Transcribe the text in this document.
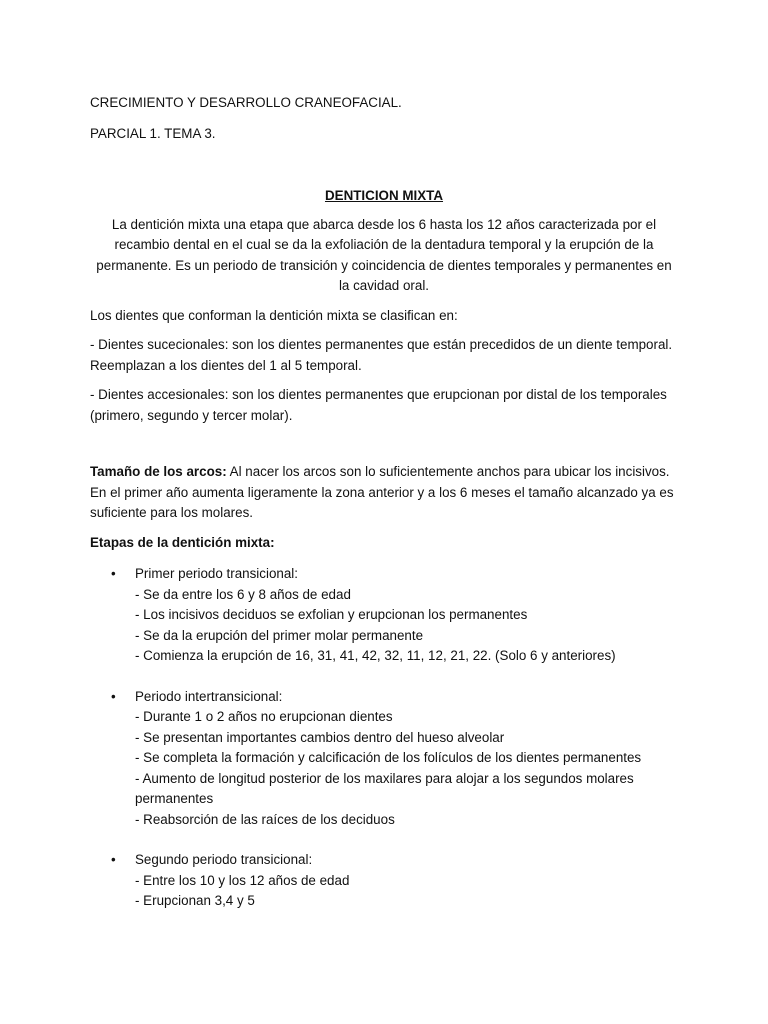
CRECIMIENTO Y DESARROLLO CRANEOFACIAL.

PARCIAL 1. TEMA 3.

DENTICION MIXTA

La dentición mixta una etapa que abarca desde los 6 hasta los 12 años caracterizada por el recambio dental en el cual se da la exfoliación de la dentadura temporal y la erupción de la permanente. Es un periodo de transición y coincidencia de dientes temporales y permanentes en la cavidad oral.

Los dientes que conforman la dentición mixta se clasifican en:

- Dientes sucecionales: son los dientes permanentes que están precedidos de un diente temporal. Reemplazan a los dientes del 1 al 5 temporal.

- Dientes accesionales: son los dientes permanentes que erupcionan por distal de los temporales (primero, segundo y tercer molar).

Tamaño de los arcos: Al nacer los arcos son lo suficientemente anchos para ubicar los incisivos. En el primer año aumenta ligeramente la zona anterior y a los 6 meses el tamaño alcanzado ya es suficiente para los molares.

Etapas de la dentición mixta:

• Primer periodo transicional:

- Se da entre los 6 y 8 años de edad
- Los incisivos deciduos se exfolian y erupcionan los permanentes
- Se da la erupción del primer molar permanente
- Comienza la erupción de 16, 31, 41, 42, 32, 11, 12, 21, 22. (Solo 6 y anteriores)
• Periodo intertransicional:

- Durante 1 o 2 años no erupcionan dientes
- Se presentan importantes cambios dentro del hueso alveolar
- Se completa la formación y calcificación de los folículos de los dientes permanentes
- Aumento de longitud posterior de los maxilares para alojar a los segundos molares permanentes
- Reabsorción de las raíces de los deciduos
• Segundo periodo transicional:

- Entre los 10 y los 12 años de edad
- Erupcionan 3,4 y 5
